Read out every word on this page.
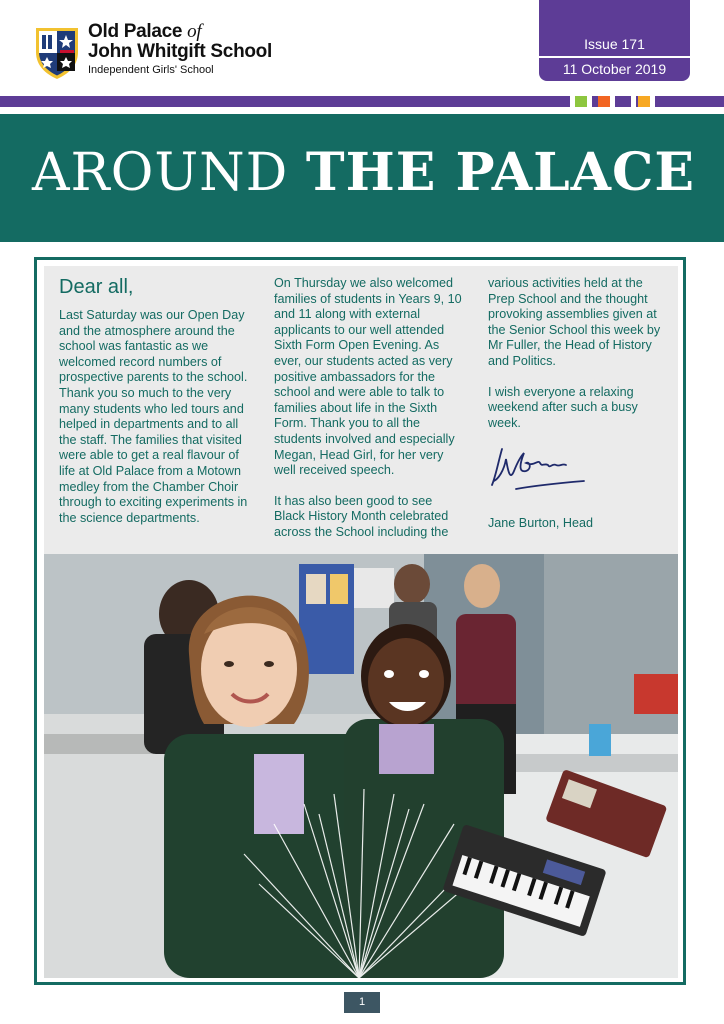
Old Palace of
John Whitgift School
Independent Girls' School
Issue 171
11 October 2019
AROUND THE PALACE

Dear all,

Last Saturday was our Open Day and the atmosphere around the school was fantastic as we welcomed record numbers of prospective parents to the school. Thank you so much to the very many students who led tours and helped in departments and to all the staff. The families that visited were able to get a real flavour of life at Old Palace from a Motown medley from the Chamber Choir through to exciting experiments in the science departments.

On Thursday we also welcomed families of students in Years 9, 10 and 11 along with external applicants to our well attended Sixth Form Open Evening. As ever, our students acted as very positive ambassadors for the school and were able to talk to families about life in the Sixth Form. Thank you to all the students involved and especially Megan, Head Girl, for her very well received speech.

It has also been good to see Black History Month celebrated across the School including the

various activities held at the Prep School and the thought provoking assemblies given at the Senior School this week by Mr Fuller, the Head of History and Politics.

I wish everyone a relaxing weekend after such a busy week.

Jane Burton, Head

1
